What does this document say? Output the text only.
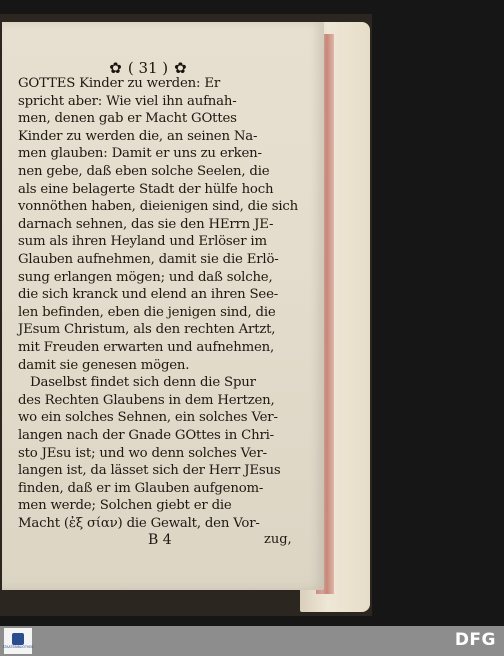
✿ ( 31 ) ✿
GOTTES Kinder zu werden: Er
spricht aber: Wie viel ihn aufnah-
men, denen gab er Macht GOttes
Kinder zu werden die, an seinen Na-
men glauben: Damit er uns zu erken-
nen gebe, daß eben solche Seelen, die
als eine belagerte Stadt der hülfe hoch
vonnöthen haben, dieienigen sind, die sich
darnach sehnen, das sie den HErrn JE-
sum als ihren Heyland und Erlöser im
Glauben aufnehmen, damit sie die Erlö-
sung erlangen mögen; und daß solche,
die sich kranck und elend an ihren See-
len befinden, eben die jenigen sind, die
JEsum Christum, als den rechten Artzt,
mit Freuden erwarten und aufnehmen,
damit sie genesen mögen.
Daselbst findet sich denn die Spur
des Rechten Glaubens in dem Hertzen,
wo ein solches Sehnen, ein solches Ver-
langen nach der Gnade GOttes in Chri-
sto JEsu ist; und wo denn solches Ver-
langen ist, da lässet sich der Herr JEsus
finden, daß er im Glauben aufgenom-
men werde; Solchen giebt er die
Macht (ἐξ σίαν) die Gewalt, den Vor-
B 4	zug,
STAATSBIBLIOTHEK	DFG
